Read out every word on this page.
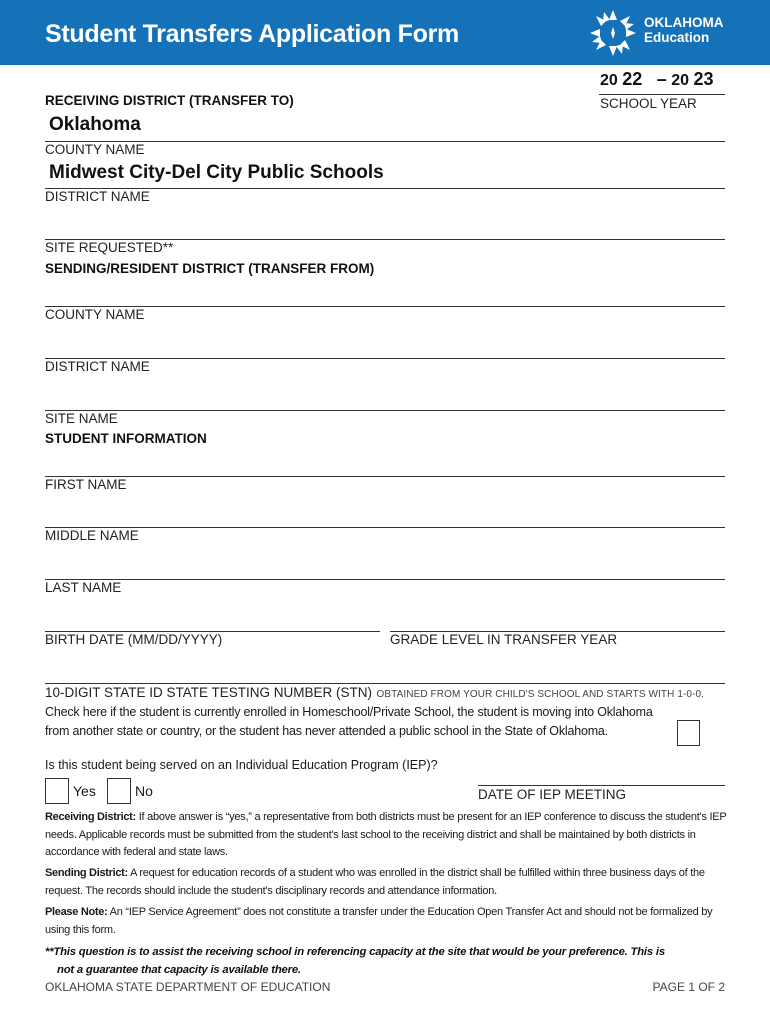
Student Transfers Application Form	OKLAHOMA
Education
20 22 – 20 23
SCHOOL YEAR
RECEIVING DISTRICT (TRANSFER TO)
Oklahoma
COUNTY NAME
Midwest City-Del City Public Schools
DISTRICT NAME
SITE REQUESTED**
SENDING/RESIDENT DISTRICT (TRANSFER FROM)
COUNTY NAME
DISTRICT NAME
SITE NAME
STUDENT INFORMATION
FIRST NAME
MIDDLE NAME
LAST NAME
BIRTH DATE (MM/DD/YYYY)	GRADE LEVEL IN TRANSFER YEAR
10-DIGIT STATE ID STATE TESTING NUMBER (STN) OBTAINED FROM YOUR CHILD'S SCHOOL AND STARTS WITH 1-0-0.
Check here if the student is currently enrolled in Homeschool/Private School, the student is moving into Oklahoma
from another state or country, or the student has never attended a public school in the State of Oklahoma.
Is this student being served on an Individual Education Program (IEP)?
Yes	No	DATE OF IEP MEETING
Receiving District: If above answer is “yes,” a representative from both districts must be present for an IEP conference to discuss the student's IEP needs. Applicable records must be submitted from the student's last school to the receiving district and shall be maintained by both districts in accordance with federal and state laws.
Sending District: A request for education records of a student who was enrolled in the district shall be fulfilled within three business days of the request. The records should include the student's disciplinary records and attendance information.
Please Note: An “IEP Service Agreement” does not constitute a transfer under the Education Open Transfer Act and should not be formalized by using this form.
**This question is to assist the receiving school in referencing capacity at the site that would be your preference. This is
not a guarantee that capacity is available there.
OKLAHOMA STATE DEPARTMENT OF EDUCATION	PAGE 1 OF 2
